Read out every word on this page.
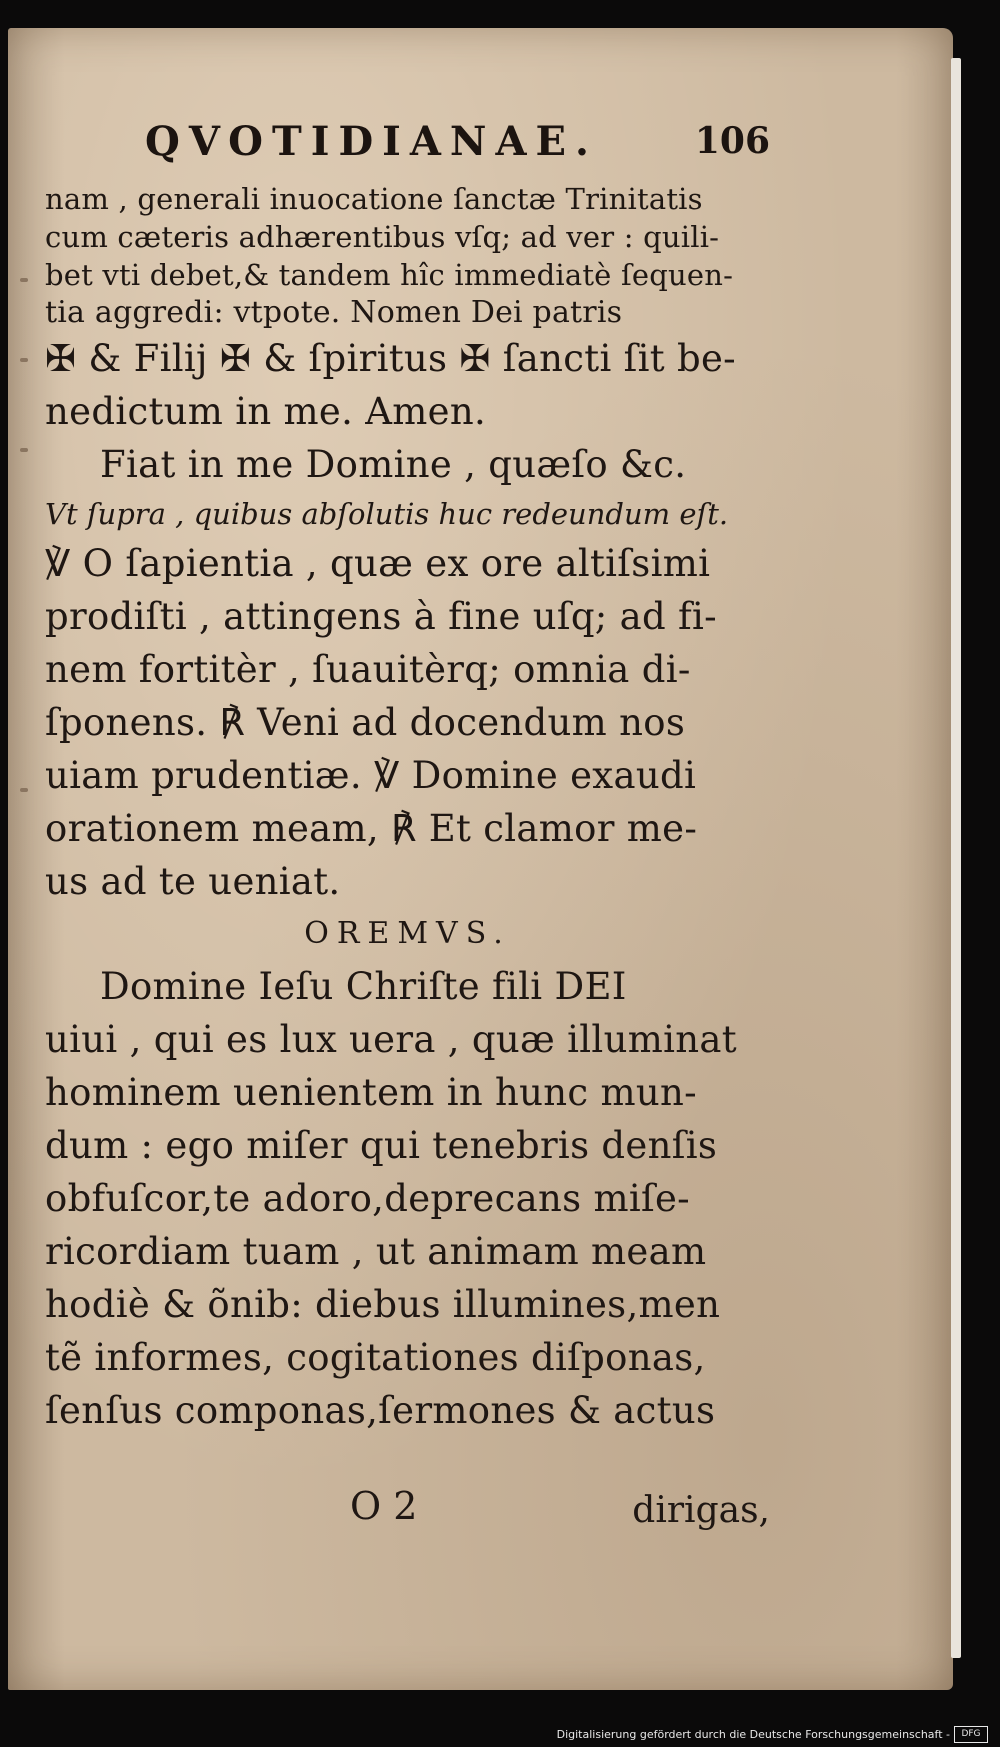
QVOTIDIANAE.	106
nam , generali inuocatione ſanctæ Trinitatis
cum cæteris adhærentibus vſq; ad ver : quili-
bet vti debet,& tandem hîc immediatè ſequen-
tia aggredi: vtpote. Nomen Dei patris
✠ & Filij ✠ & ſpiritus ✠ ſancti ſit be-
nedictum in me. Amen.
Fiat in me Domine , quæſo &c.
Vt ſupra , quibus abſolutis huc redeundum eſt.
℣ O ſapientia , quæ ex ore altiſsimi
prodiſti , attingens à fine uſq; ad fi-
nem fortitèr , ſuauitèrq; omnia di-
ſponens. ℟ Veni ad docendum nos
uiam prudentiæ. ℣ Domine exaudi
orationem meam, ℟ Et clamor me-
us ad te ueniat.
OREMVS.
Domine Ieſu Chriſte fili DEI
uiui , qui es lux uera , quæ illuminat
hominem uenientem in hunc mun-
dum : ego miſer qui tenebris denſis
obfuſcor,te adoro,deprecans miſe-
ricordiam tuam , ut animam meam
hodiè & õnib: diebus illumines,men
tẽ informes, cogitationes diſponas,
ſenſus componas,ſermones & actus
O 2	dirigas,
Digitalisierung gefördert durch die Deutsche Forschungsgemeinschaft -	DFG
